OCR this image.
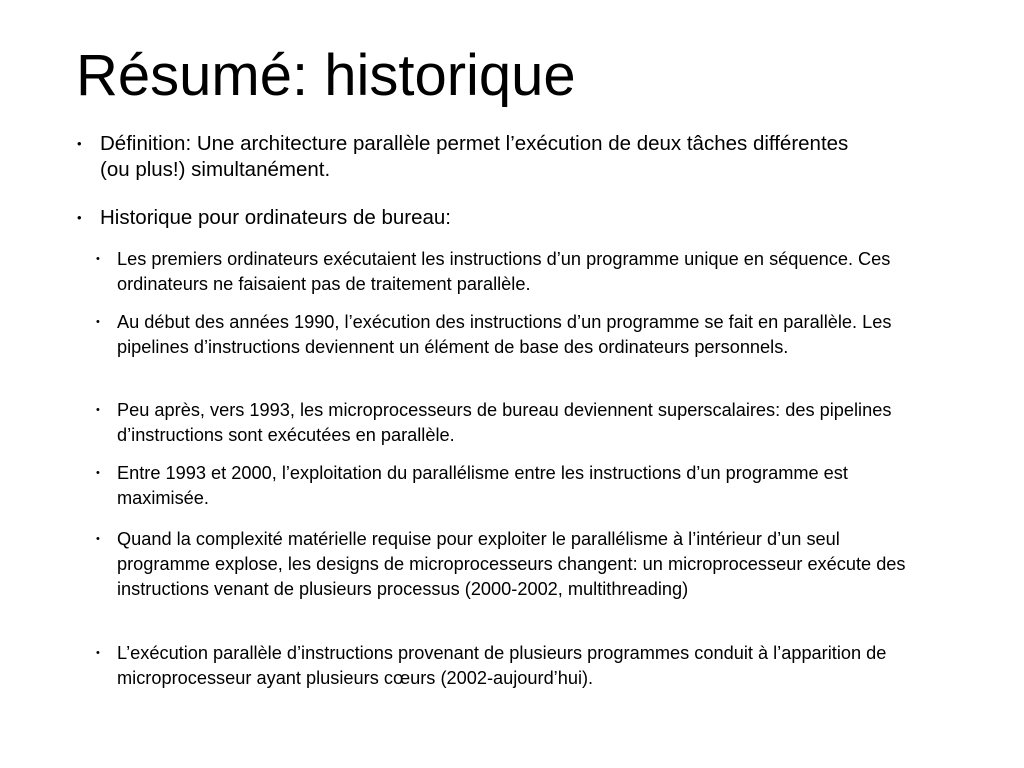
Résumé: historique
• Définition: Une architecture parallèle permet l’exécution de deux tâches différentes (ou plus!) simultanément.
• Historique pour ordinateurs de bureau:
• Les premiers ordinateurs exécutaient les instructions d’un programme unique en séquence. Ces ordinateurs ne faisaient pas de traitement parallèle.
• Au début des années 1990, l’exécution des instructions d’un programme se fait en parallèle. Les pipelines d’instructions deviennent un élément de base des ordinateurs personnels.
• Peu après, vers 1993, les microprocesseurs de bureau deviennent superscalaires: des pipelines d’instructions sont exécutées en parallèle.
• Entre 1993 et 2000, l’exploitation du parallélisme entre les instructions d’un programme est maximisée.
• Quand la complexité matérielle requise pour exploiter le parallélisme à l’intérieur d’un seul programme explose, les designs de microprocesseurs changent: un microprocesseur exécute des instructions venant de plusieurs processus (2000-2002, multithreading)
• L’exécution parallèle d’instructions provenant de plusieurs programmes conduit à l’apparition de microprocesseur ayant plusieurs cœurs (2002-aujourd’hui).
